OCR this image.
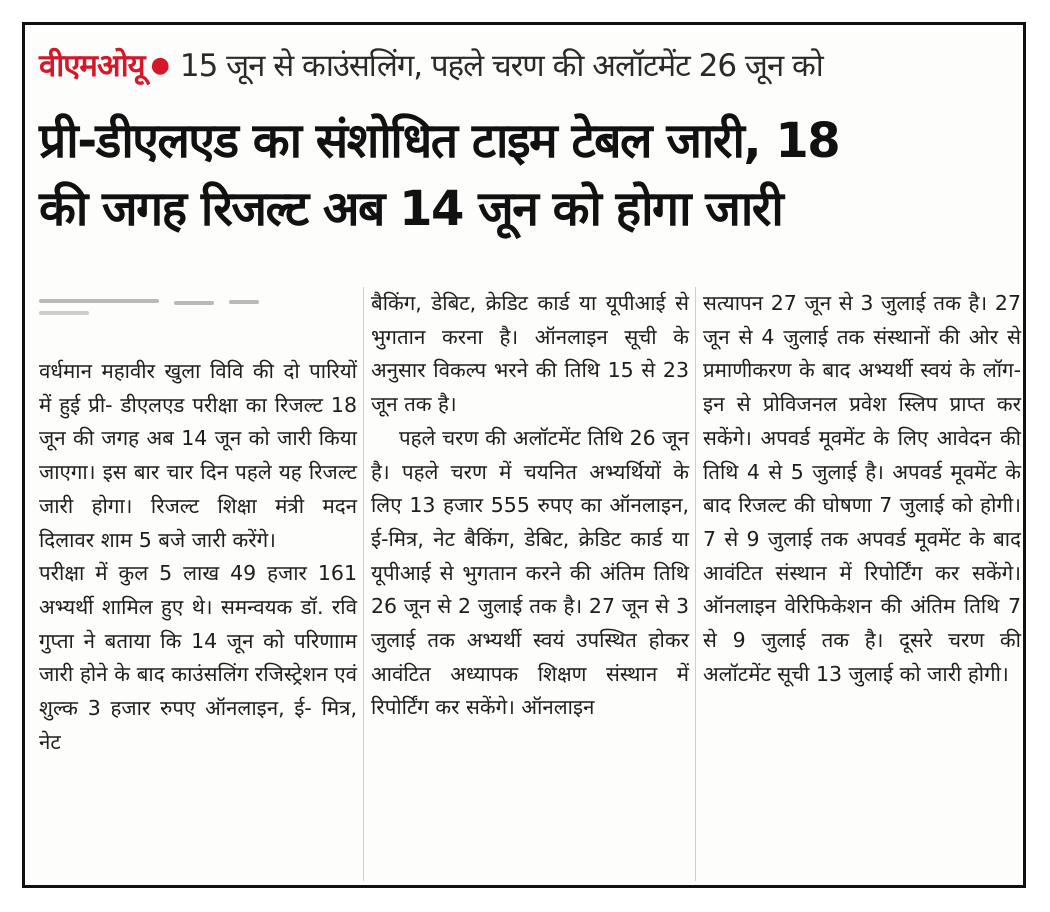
वीएमओयू ● 15 जून से काउंसलिंग, पहले चरण की अलॉटमेंट 26 जून को
प्री-डीएलएड का संशोधित टाइम टेबल जारी, 18
की जगह रिजल्ट अब 14 जून को होगा जारी

वर्धमान महावीर खुला विवि की दो पारियों में हुई प्री- डीएलएड परीक्षा का रिजल्ट 18 जून की जगह अब 14 जून को जारी किया जाएगा। इस बार चार दिन पहले यह रिजल्ट जारी होगा। रिजल्ट शिक्षा मंत्री मदन दिलावर शाम 5 बजे जारी करेंगे।

परीक्षा में कुल 5 लाख 49 हजार 161 अभ्यर्थी शामिल हुए थे। समन्वयक डॉ. रवि गुप्ता ने बताया कि 14 जून को परिणााम जारी होने के बाद काउंसलिंग रजिस्ट्रेशन एवं शुल्क 3 हजार रुपए ऑनलाइन, ई- मित्र, नेट

बैकिंग, डेबिट, क्रेडिट कार्ड या यूपीआई से भुगतान करना है। ऑनलाइन सूची के अनुसार विकल्प भरने की तिथि 15 से 23 जून तक है।

पहले चरण की अलॉटमेंट तिथि 26 जून है। पहले चरण में चयनित अभ्यर्थियों के लिए 13 हजार 555 रुपए का ऑनलाइन, ई-मित्र, नेट बैकिंग, डेबिट, क्रेडिट कार्ड या यूपीआई से भुगतान करने की अंतिम तिथि 26 जून से 2 जुलाई तक है। 27 जून से 3 जुलाई तक अभ्यर्थी स्वयं उपस्थित होकर आवंटित अध्यापक शिक्षण संस्थान में रिपोर्टिंग कर सकेंगे। ऑनलाइन

सत्यापन 27 जून से 3 जुलाई तक है। 27 जून से 4 जुलाई तक संस्थानों की ओर से प्रमाणीकरण के बाद अभ्यर्थी स्वयं के लॉग-इन से प्रोविजनल प्रवेश स्लिप प्राप्त कर सकेंगे। अपवर्ड मूवमेंट के लिए आवेदन की तिथि 4 से 5 जुलाई है। अपवर्ड मूवमेंट के बाद रिजल्ट की घोषणा 7 जुलाई को होगी। 7 से 9 जुलाई तक अपवर्ड मूवमेंट के बाद आवंटित संस्थान में रिपोर्टिंग कर सकेंगे। ऑनलाइन वेरिफिकेशन की अंतिम तिथि 7 से 9 जुलाई तक है। दूसरे चरण की अलॉटमेंट सूची 13 जुलाई को जारी होगी।
